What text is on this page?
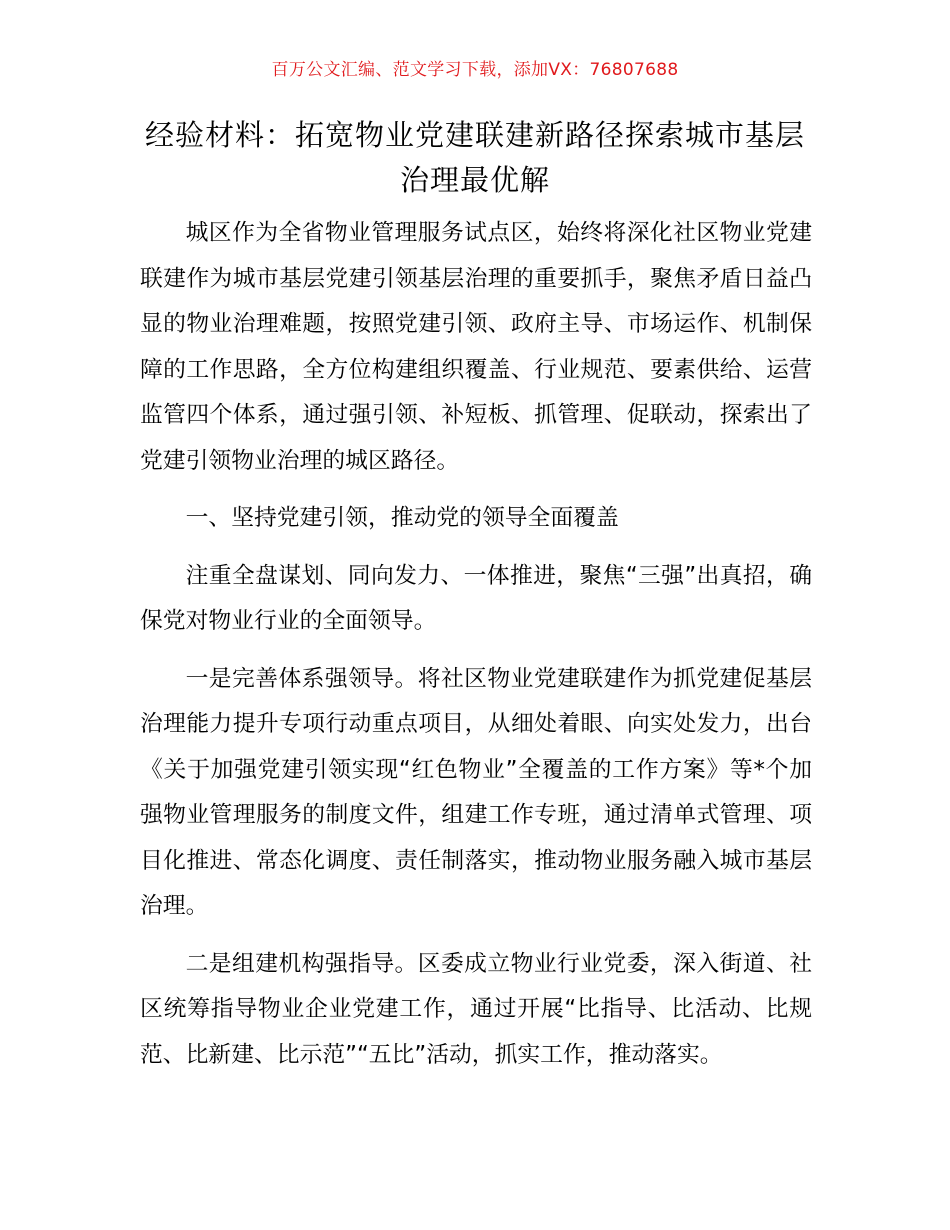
百万公文汇编、范文学习下载，添加VX：76807688
经验材料：拓宽物业党建联建新路径探索城市基层治理最优解

城区作为全省物业管理服务试点区，始终将深化社区物业党建联建作为城市基层党建引领基层治理的重要抓手，聚焦矛盾日益凸显的物业治理难题，按照党建引领、政府主导、市场运作、机制保障的工作思路，全方位构建组织覆盖、行业规范、要素供给、运营监管四个体系，通过强引领、补短板、抓管理、促联动，探索出了党建引领物业治理的城区路径。

一、坚持党建引领，推动党的领导全面覆盖

注重全盘谋划、同向发力、一体推进，聚焦“三强”出真招，确保党对物业行业的全面领导。

一是完善体系强领导。将社区物业党建联建作为抓党建促基层治理能力提升专项行动重点项目，从细处着眼、向实处发力，出台《关于加强党建引领实现“红色物业”全覆盖的工作方案》等*个加强物业管理服务的制度文件，组建工作专班，通过清单式管理、项目化推进、常态化调度、责任制落实，推动物业服务融入城市基层治理。

二是组建机构强指导。区委成立物业行业党委，深入街道、社区统筹指导物业企业党建工作，通过开展“比指导、比活动、比规范、比新建、比示范”“五比”活动，抓实工作，推动落实。
